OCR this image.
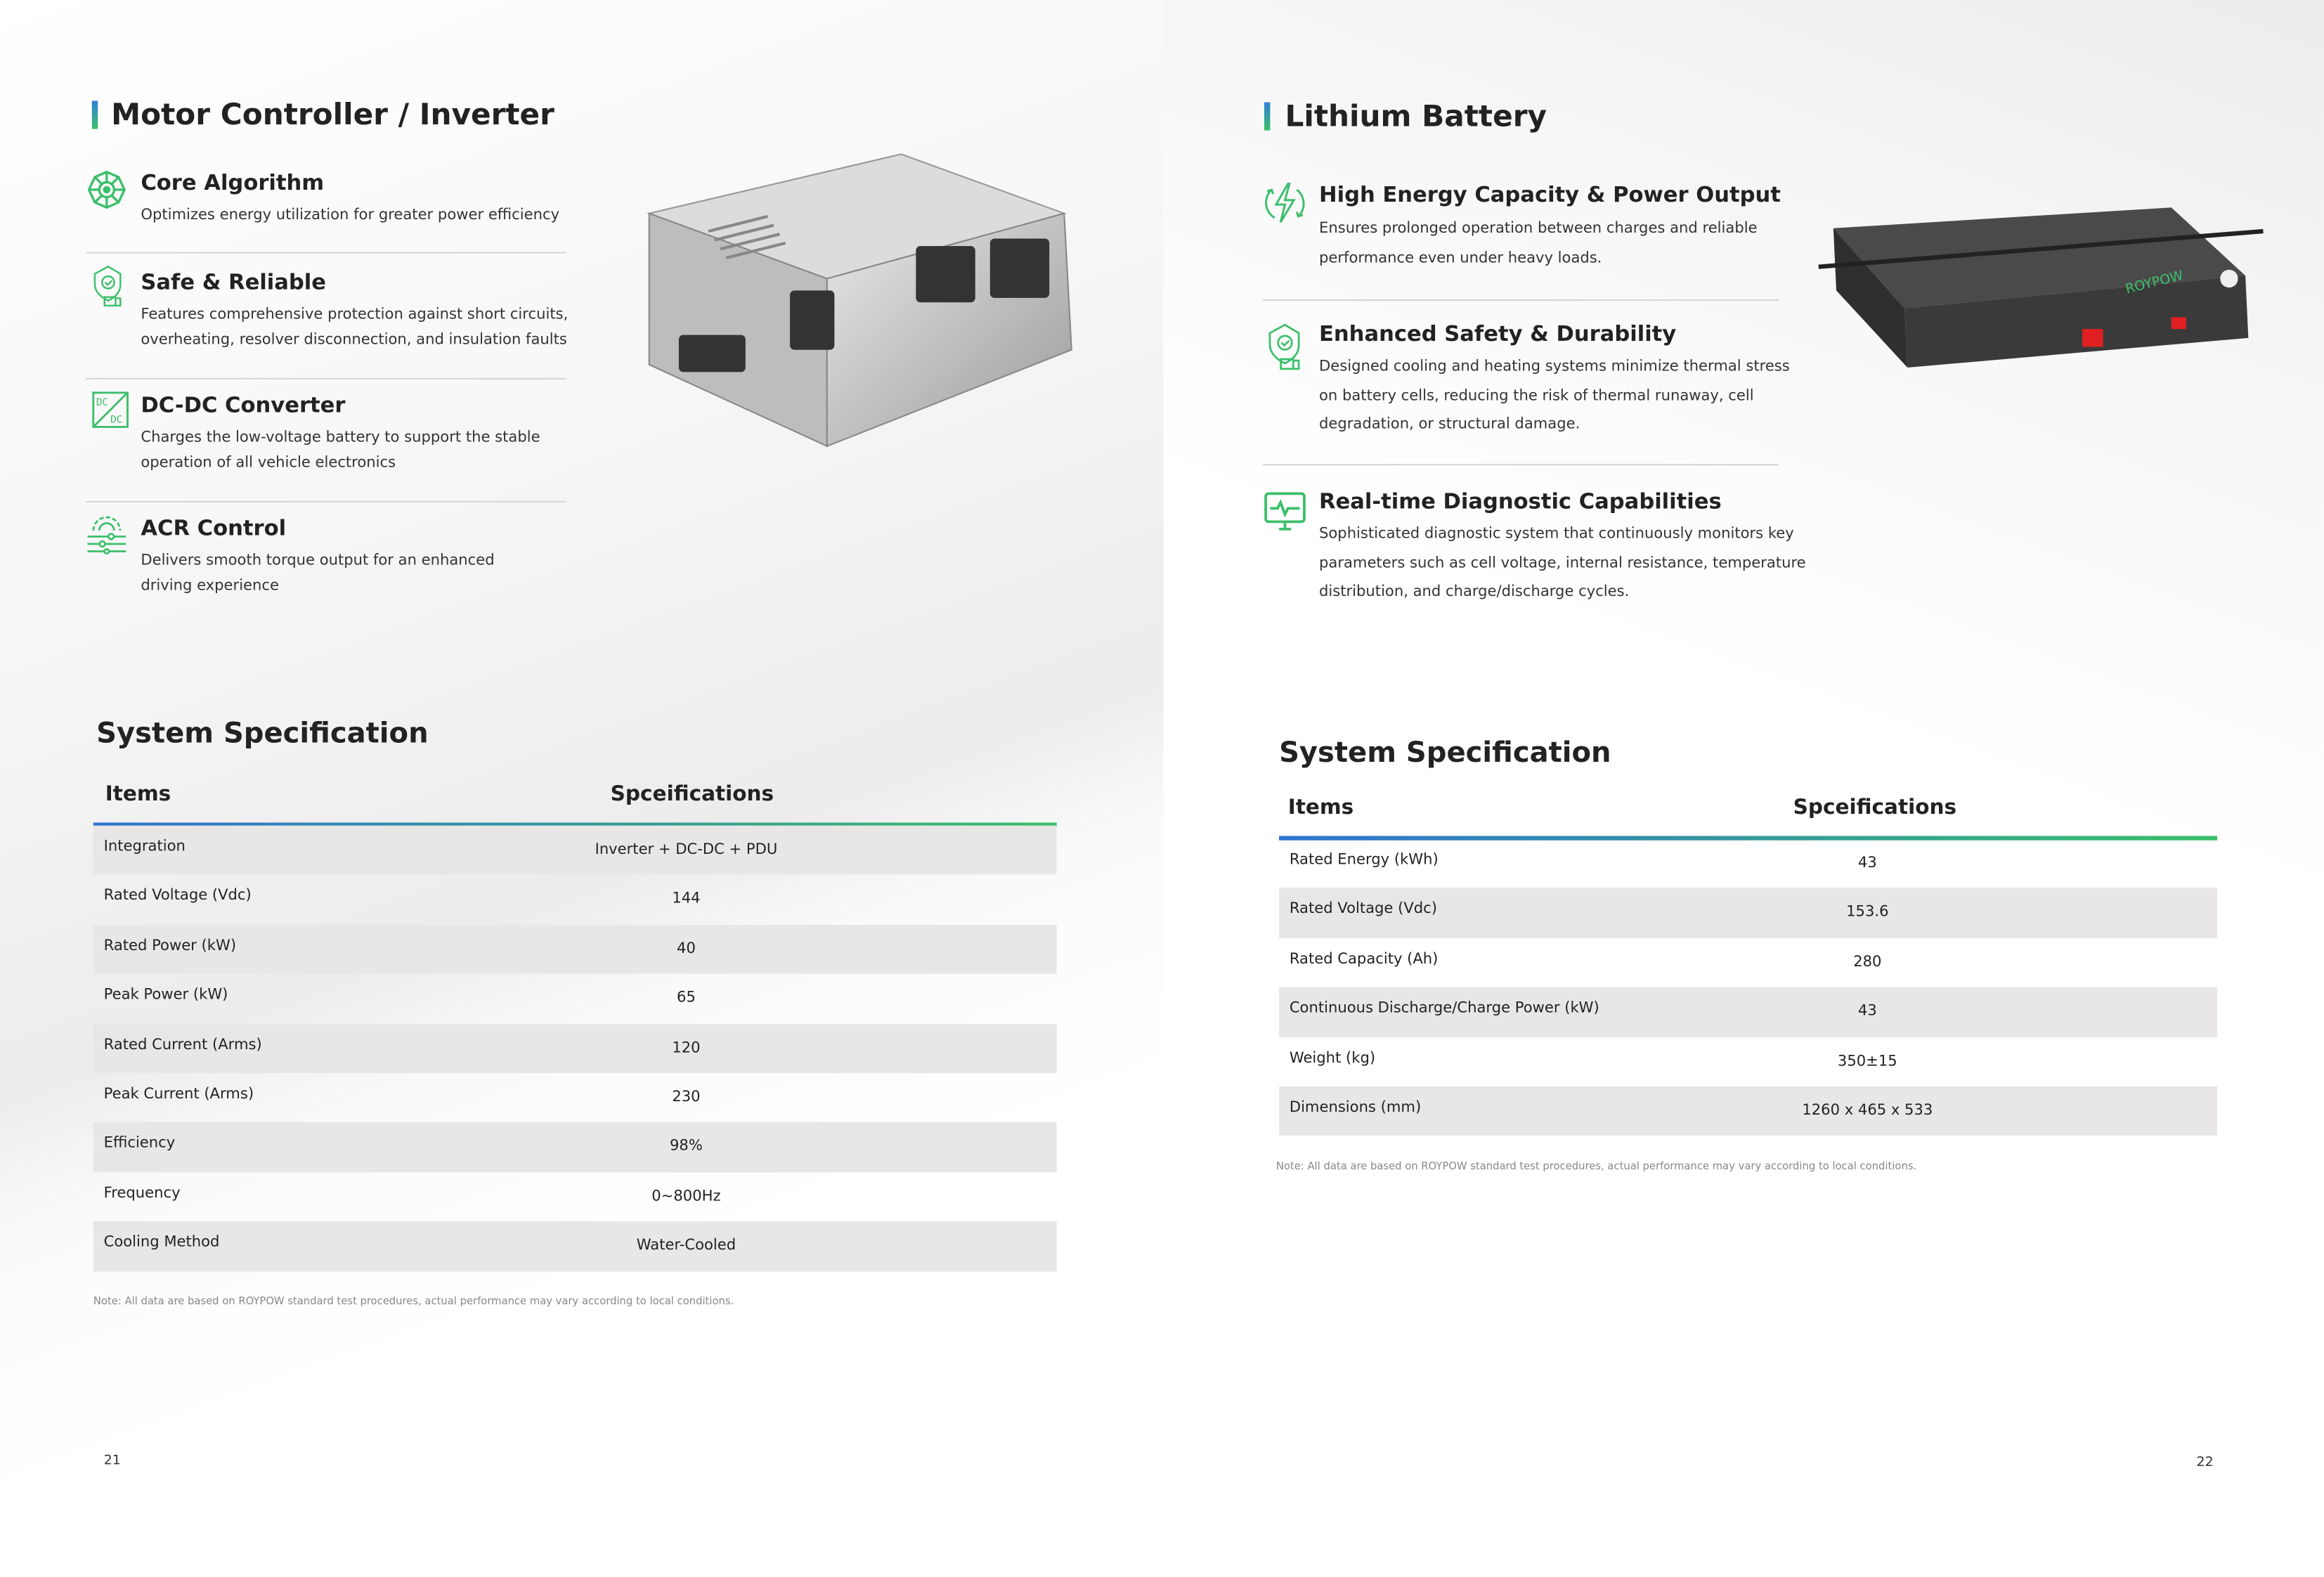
Motor Controller / Inverter
Core Algorithm
Optimizes energy utilization for greater power efficiency
Safe & Reliable
Features comprehensive protection against short circuits, overheating, resolver disconnection, and insulation faults
DC
DC
DC-DC Converter
Charges the low-voltage battery to support the stable operation of all vehicle electronics
ACR Control
Delivers smooth torque output for an enhanced driving experience
System Specification
Items	Spceifications
Integration	Inverter + DC-DC + PDU
Rated Voltage (Vdc)	144
Rated Power (kW)	40
Peak Power (kW)	65
Rated Current (Arms)	120
Peak Current (Arms)	230
Efficiency	98%
Frequency	0~800Hz
Cooling Method	Water-Cooled
Note: All data are based on ROYPOW standard test procedures, actual performance may vary according to local conditions.
21
Lithium Battery
High Energy Capacity & Power Output
Ensures prolonged operation between charges and reliable performance even under heavy loads.
Enhanced Safety & Durability
Designed cooling and heating systems minimize thermal stress on battery cells, reducing the risk of thermal runaway, cell degradation, or structural damage.
Real-time Diagnostic Capabilities
Sophisticated diagnostic system that continuously monitors key parameters such as cell voltage, internal resistance, temperature distribution, and charge/discharge cycles.
ROYPOW
System Specification
Items	Spceifications
Rated Energy (kWh)	43
Rated Voltage (Vdc)	153.6
Rated Capacity (Ah)	280
Continuous Discharge/Charge Power (kW)	43
Weight (kg)	350±15
Dimensions (mm)	1260 x 465 x 533
Note: All data are based on ROYPOW standard test procedures, actual performance may vary according to local conditions.
22
